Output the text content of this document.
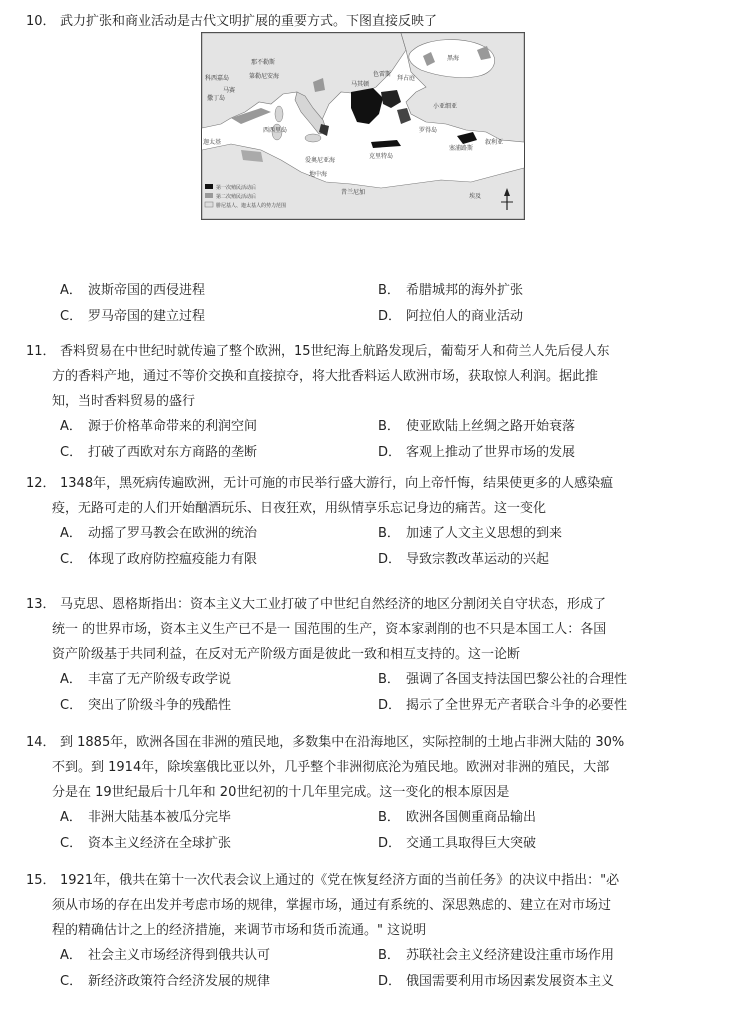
10． 武力扩张和商业活动是古代文明扩展的重要方式。下图直接反映了

黑海
马赛
科西嘉岛
撒丁岛
西西里岛
那不勒斯
第勒尼安海
迦太基
爱奥尼亚海
克里特岛
罗得岛
塞浦路斯
叙利亚
昔兰尼加
埃及
地中海
拜占庭
小亚细亚
色雷斯
马其顿
第一次殖民活动后
第二次殖民活动后
腓尼基人、迦太基人的势力范围
A． 波斯帝国的西侵进程	B． 希腊城邦的海外扩张
C． 罗马帝国的建立过程	D． 阿拉伯人的商业活动

11． 香料贸易在中世纪时就传遍了整个欧洲，15世纪海上航路发现后，葡萄牙人和荷兰人先后侵人东

方的香料产地，通过不等价交换和直接掠夺，将大批香料运人欧洲市场，获取惊人利润。据此推

知，当时香料贸易的盛行

A． 源于价格革命带来的利润空间	B． 使亚欧陆上丝绸之路开始衰落
C． 打破了西欧对东方商路的垄断	D． 客观上推动了世界市场的发展

12． 1348年，黑死病传遍欧洲，无计可施的市民举行盛大游行，向上帝忏悔，结果使更多的人感染瘟

疫，无路可走的人们开始酗酒玩乐、日夜狂欢，用纵情享乐忘记身边的痛苦。这一变化

A． 动摇了罗马教会在欧洲的统治	B． 加速了人文主义思想的到来
C． 体现了政府防控瘟疫能力有限	D． 导致宗教改革运动的兴起

13． 马克思、恩格斯指出：资本主义大工业打破了中世纪自然经济的地区分割闭关自守状态，形成了

统一 的世界市场，资本主义生产已不是一 国范围的生产，资本家剥削的也不只是本国工人：各国

资产阶级基于共同利益，在反对无产阶级方面是彼此一致和相互支持的。这一论断

A． 丰富了无产阶级专政学说	B． 强调了各国支持法国巴黎公社的合理性
C． 突出了阶级斗争的残酷性	D． 揭示了全世界无产者联合斗争的必要性

14． 到 1885年，欧洲各国在非洲的殖民地，多数集中在沿海地区，实际控制的土地占非洲大陆的 30%

不到。到 1914年，除埃塞俄比亚以外，几乎整个非洲彻底沦为殖民地。欧洲对非洲的殖民，大部

分是在 19世纪最后十几年和 20世纪初的十几年里完成。这一变化的根本原因是

A． 非洲大陆基本被瓜分完毕	B． 欧洲各国侧重商品输出
C． 资本主义经济在全球扩张	D． 交通工具取得巨大突破

15． 1921年，俄共在第十一次代表会议上通过的《党在恢复经济方面的当前任务》的决议中指出："必

须从市场的存在出发并考虑市场的规律，掌握市场，通过有系统的、深思熟虑的、建立在对市场过

程的精确估计之上的经济措施，来调节市场和货币流通。" 这说明

A． 社会主义市场经济得到俄共认可	B． 苏联社会主义经济建设注重市场作用
C． 新经济政策符合经济发展的规律	D． 俄国需要利用市场因素发展资本主义
